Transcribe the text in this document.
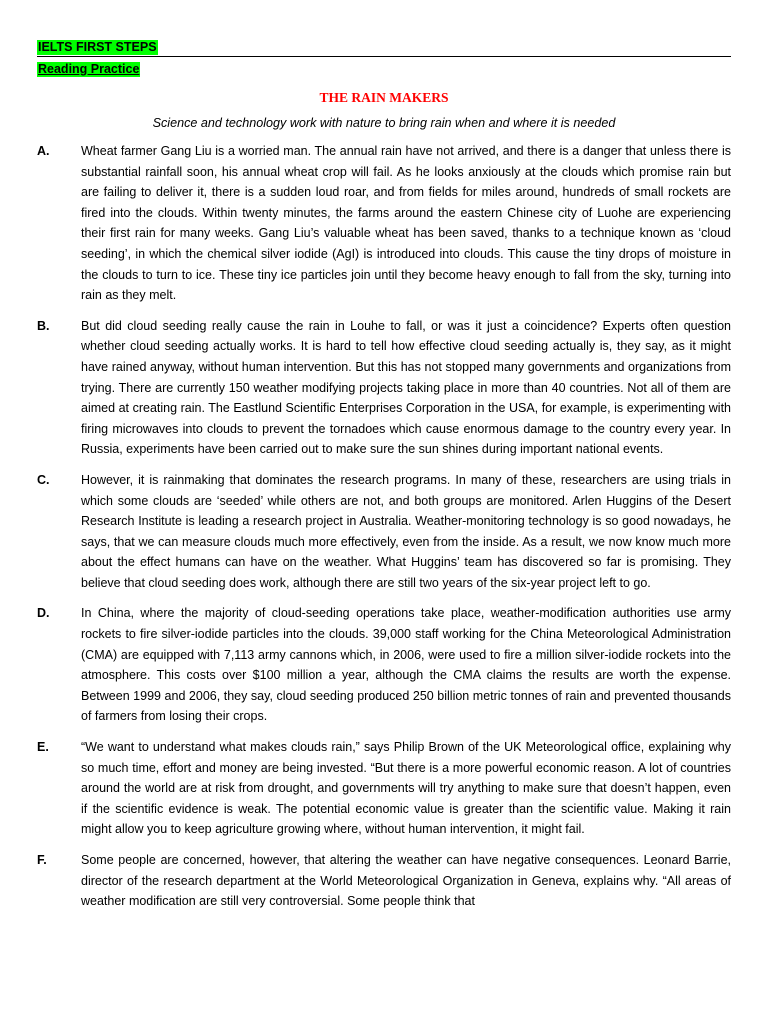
IELTS FIRST STEPS
Reading Practice
THE RAIN MAKERS
Science and technology work with nature to bring rain when and where it is needed
A.	Wheat farmer Gang Liu is a worried man. The annual rain have not arrived, and there is a danger that unless there is substantial rainfall soon, his annual wheat crop will fail. As he looks anxiously at the clouds which promise rain but are failing to deliver it, there is a sudden loud roar, and from fields for miles around, hundreds of small rockets are fired into the clouds. Within twenty minutes, the farms around the eastern Chinese city of Luohe are experiencing their first rain for many weeks. Gang Liu’s valuable wheat has been saved, thanks to a technique known as ‘cloud seeding’, in which the chemical silver iodide (AgI) is introduced into clouds. This cause the tiny drops of moisture in the clouds to turn to ice. These tiny ice particles join until they become heavy enough to fall from the sky, turning into rain as they melt.
B.	But did cloud seeding really cause the rain in Louhe to fall, or was it just a coincidence? Experts often question whether cloud seeding actually works. It is hard to tell how effective cloud seeding actually is, they say, as it might have rained anyway, without human intervention. But this has not stopped many governments and organizations from trying. There are currently 150 weather modifying projects taking place in more than 40 countries. Not all of them are aimed at creating rain. The Eastlund Scientific Enterprises Corporation in the USA, for example, is experimenting with firing microwaves into clouds to prevent the tornadoes which cause enormous damage to the country every year. In Russia, experiments have been carried out to make sure the sun shines during important national events.
C.	However, it is rainmaking that dominates the research programs. In many of these, researchers are using trials in which some clouds are ‘seeded’ while others are not, and both groups are monitored. Arlen Huggins of the Desert Research Institute is leading a research project in Australia. Weather-monitoring technology is so good nowadays, he says, that we can measure clouds much more effectively, even from the inside. As a result, we now know much more about the effect humans can have on the weather. What Huggins’ team has discovered so far is promising. They believe that cloud seeding does work, although there are still two years of the six-year project left to go.
D.	In China, where the majority of cloud-seeding operations take place, weather-modification authorities use army rockets to fire silver-iodide particles into the clouds. 39,000 staff working for the China Meteorological Administration (CMA) are equipped with 7,113 army cannons which, in 2006, were used to fire a million silver-iodide rockets into the atmosphere. This costs over $100 million a year, although the CMA claims the results are worth the expense. Between 1999 and 2006, they say, cloud seeding produced 250 billion metric tonnes of rain and prevented thousands of farmers from losing their crops.
E.	“We want to understand what makes clouds rain,” says Philip Brown of the UK Meteorological office, explaining why so much time, effort and money are being invested. “But there is a more powerful economic reason. A lot of countries around the world are at risk from drought, and governments will try anything to make sure that doesn’t happen, even if the scientific evidence is weak. The potential economic value is greater than the scientific value. Making it rain might allow you to keep agriculture growing where, without human intervention, it might fail.
F.	Some people are concerned, however, that altering the weather can have negative consequences. Leonard Barrie, director of the research department at the World Meteorological Organization in Geneva, explains why. “All areas of weather modification are still very controversial. Some people think that
